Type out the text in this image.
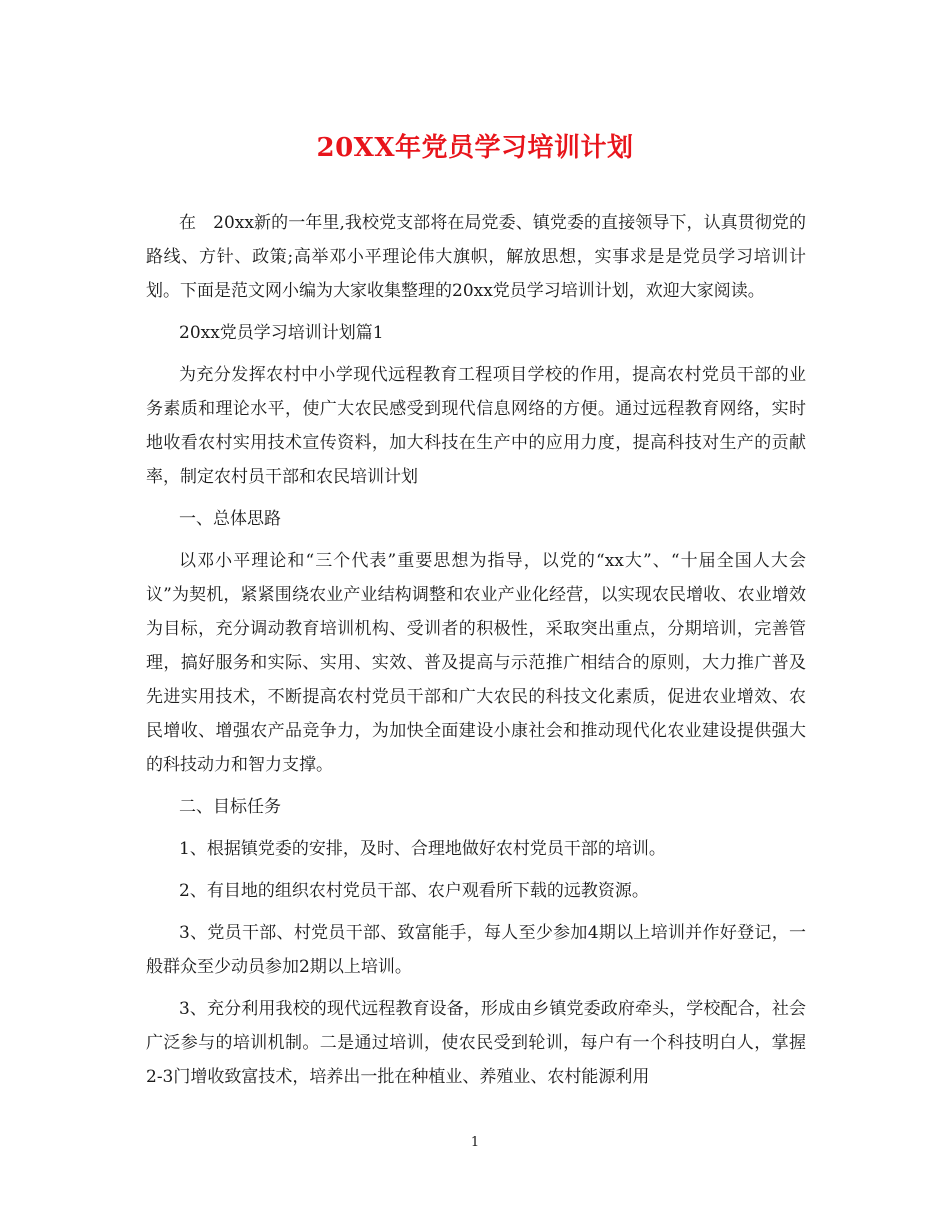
20XX年党员学习培训计划

在　20xx新的一年里,我校党支部将在局党委、镇党委的直接领导下，认真贯彻党的路线、方针、政策;高举邓小平理论伟大旗帜，解放思想，实事求是是党员学习培训计划。下面是范文网小编为大家收集整理的20xx党员学习培训计划，欢迎大家阅读。

20xx党员学习培训计划篇1

为充分发挥农村中小学现代远程教育工程项目学校的作用，提高农村党员干部的业务素质和理论水平，使广大农民感受到现代信息网络的方便。通过远程教育网络，实时地收看农村实用技术宣传资料，加大科技在生产中的应用力度，提高科技对生产的贡献率，制定农村员干部和农民培训计划

一、总体思路

以邓小平理论和“三个代表”重要思想为指导，以党的“xx大”、“十届全国人大会议”为契机，紧紧围绕农业产业结构调整和农业产业化经营，以实现农民增收、农业增效为目标，充分调动教育培训机构、受训者的积极性，采取突出重点，分期培训，完善管理，搞好服务和实际、实用、实效、普及提高与示范推广相结合的原则，大力推广普及先进实用技术，不断提高农村党员干部和广大农民的科技文化素质，促进农业增效、农民增收、增强农产品竞争力，为加快全面建设小康社会和推动现代化农业建设提供强大的科技动力和智力支撑。

二、目标任务

1、根据镇党委的安排，及时、合理地做好农村党员干部的培训。

2、有目地的组织农村党员干部、农户观看所下载的远教资源。

3、党员干部、村党员干部、致富能手，每人至少参加4期以上培训并作好登记，一般群众至少动员参加2期以上培训。

3、充分利用我校的现代远程教育设备，形成由乡镇党委政府牵头，学校配合，社会广泛参与的培训机制。二是通过培训，使农民受到轮训，每户有一个科技明白人，掌握2-3门增收致富技术，培养出一批在种植业、养殖业、农村能源利用

1
